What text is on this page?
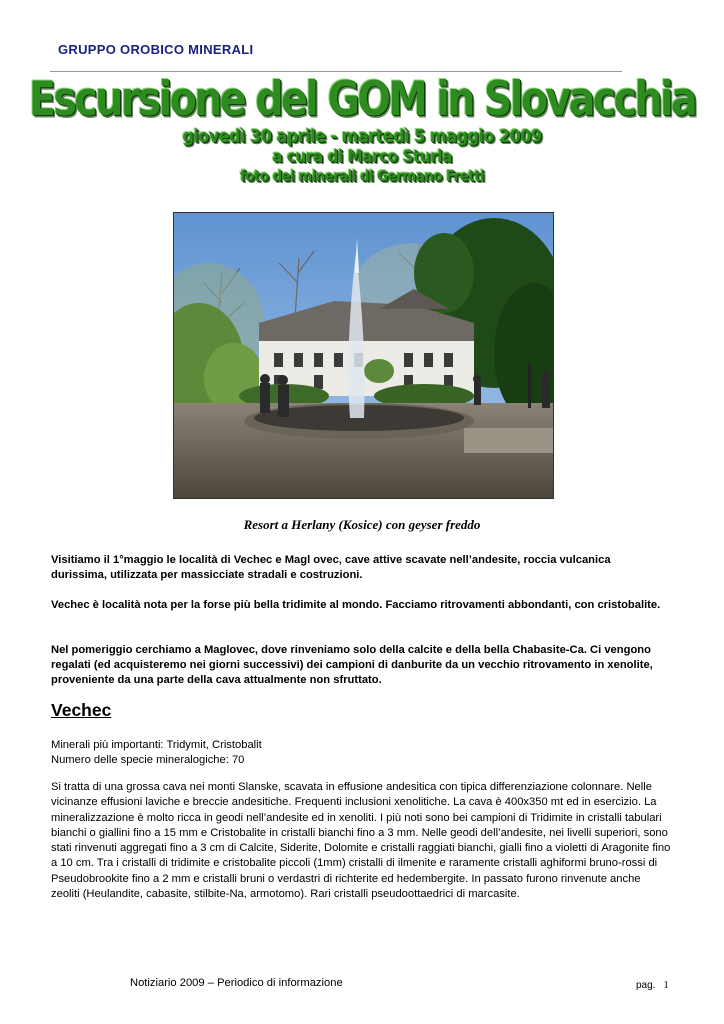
GRUPPO OROBICO MINERALI
Escursione del GOM in Slovacchia
giovedì 30 aprile - martedì 5 maggio 2009
a cura di Marco Sturla
foto dei minerali di Germano Fretti
Resort a Herlany (Kosice) con geyser freddo

Visitiamo il 1°maggio le località di Vechec e Magl ovec, cave attive scavate nell’andesite, roccia vulcanica durissima, utilizzata per massicciate stradali e costruzioni.

Vechec è località nota per la forse più bella tridimite al mondo. Facciamo ritrovamenti abbondanti, con cristobalite.

Nel pomeriggio cerchiamo a Maglovec, dove rinveniamo solo della calcite e della bella Chabasite-Ca. Ci vengono regalati (ed acquisteremo nei giorni successivi) dei campioni di danburite da un vecchio ritrovamento in xenolite, proveniente da una parte della cava attualmente non sfruttato.

Vechec
Minerali più importanti: Tridymit, Cristobalit
Numero delle specie mineralogiche: 70

Si tratta di una grossa cava nei monti Slanske, scavata in effusione andesitica con tipica differenziazione colonnare. Nelle vicinanze effusioni laviche e breccie andesitiche. Frequenti inclusioni xenolitiche. La cava è 400x350 mt ed in esercizio. La mineralizzazione è molto ricca in geodi nell’andesite ed in xenoliti. I più noti sono bei campioni di Tridimite in cristalli tabulari bianchi o giallini fino a 15 mm e Cristobalite in cristalli bianchi fino a 3 mm. Nelle geodi dell’andesite, nei livelli superiori, sono stati rinvenuti aggregati fino a 3 cm di Calcite, Siderite, Dolomite e cristalli raggiati bianchi, gialli fino a violetti di Aragonite fino a 10 cm. Tra i cristalli di tridimite e cristobalite piccoli (1mm) cristalli di ilmenite e raramente cristalli aghiformi bruno-rossi di Pseudobrookite fino a 2 mm e cristalli bruni o verdastri di richterite ed hedembergite. In passato furono rinvenute anche zeoliti (Heulandite, cabasite, stilbite-Na, armotomo). Rari cristalli pseudoottaedrici di marcasite.

Notiziario 2009 – Periodico di informazione	pag. 1
